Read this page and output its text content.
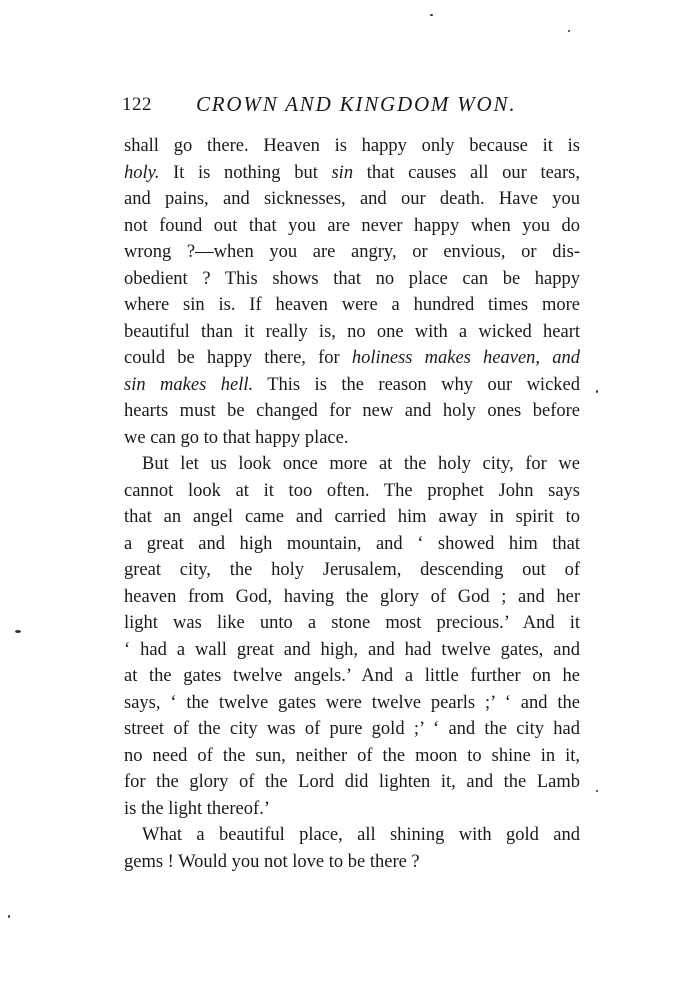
122 CROWN AND KINGDOM WON.
shall go there. Heaven is happy only because it is
holy. It is nothing but sin that causes all our tears,
and pains, and sicknesses, and our death. Have you
not found out that you are never happy when you do
wrong ?—when you are angry, or envious, or dis-
obedient ? This shows that no place can be happy
where sin is. If heaven were a hundred times more
beautiful than it really is, no one with a wicked heart
could be happy there, for holiness makes heaven, and
sin makes hell. This is the reason why our wicked
hearts must be changed for new and holy ones before
we can go to that happy place.
But let us look once more at the holy city, for we
cannot look at it too often. The prophet John says
that an angel came and carried him away in spirit to
a great and high mountain, and ‘ showed him that
great city, the holy Jerusalem, descending out of
heaven from God, having the glory of God ; and her
light was like unto a stone most precious.’ And it
‘ had a wall great and high, and had twelve gates, and
at the gates twelve angels.’ And a little further on he
says, ‘ the twelve gates were twelve pearls ;’ ‘ and the
street of the city was of pure gold ;’ ‘ and the city had
no need of the sun, neither of the moon to shine in it,
for the glory of the Lord did lighten it, and the Lamb
is the light thereof.’
What a beautiful place, all shining with gold and
gems ! Would you not love to be there ?
